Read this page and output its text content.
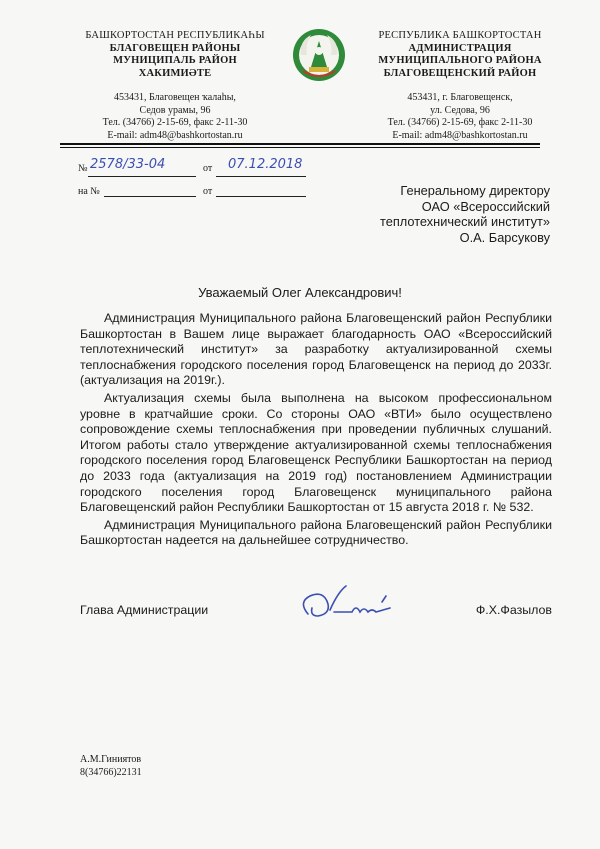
БАШКОРТОСТАН РЕСПУБЛИКАҺЫ
БЛАГОВЕЩЕН РАЙОНЫ
МУНИЦИПАЛЬ РАЙОН
ХАКИМИӘТЕ
453431, Благовещен ҡалаһы,
Седов урамы, 96
Тел. (34766) 2-15-69, факс 2-11-30
E-mail: adm48@bashkortostan.ru
РЕСПУБЛИКА БАШКОРТОСТАН
АДМИНИСТРАЦИЯ
МУНИЦИПАЛЬНОГО РАЙОНА
БЛАГОВЕЩЕНСКИЙ РАЙОН
453431, г. Благовещенск,
ул. Седова, 96
Тел. (34766) 2-15-69, факс 2-11-30
E-mail: adm48@bashkortostan.ru
№ 2578/33-04	от 07.12.2018
на №	от	Генеральному директору
ОАО «Всероссийский
теплотехнический институт»
О.А. Барсукову
Уважаемый Олег Александрович!

Администрация Муниципального района Благовещенский район Республики Башкортостан в Вашем лице выражает благодарность ОАО «Всероссийский теплотехнический институт» за разработку актуализированной схемы теплоснабжения городского поселения город Благовещенск на период до 2033г. (актуализация на 2019г.).

Актуализация схемы была выполнена на высоком профессиональном уровне в кратчайшие сроки. Со стороны ОАО «ВТИ» было осуществлено сопровождение схемы теплоснабжения при проведении публичных слушаний. Итогом работы стало утверждение актуализированной схемы теплоснабжения городского поселения город Благовещенск Республики Башкортостан на период до 2033 года (актуализация на 2019 год) постановлением Администрации городского поселения город Благовещенск муниципального района Благовещенский район Республики Башкортостан от 15 августа 2018 г. № 532.

Администрация Муниципального района Благовещенский район Республики Башкортостан надеется на дальнейшее сотрудничество.

Глава Администрации	Ф.Х.Фазылов
А.М.Гиниятов
8(34766)22131
